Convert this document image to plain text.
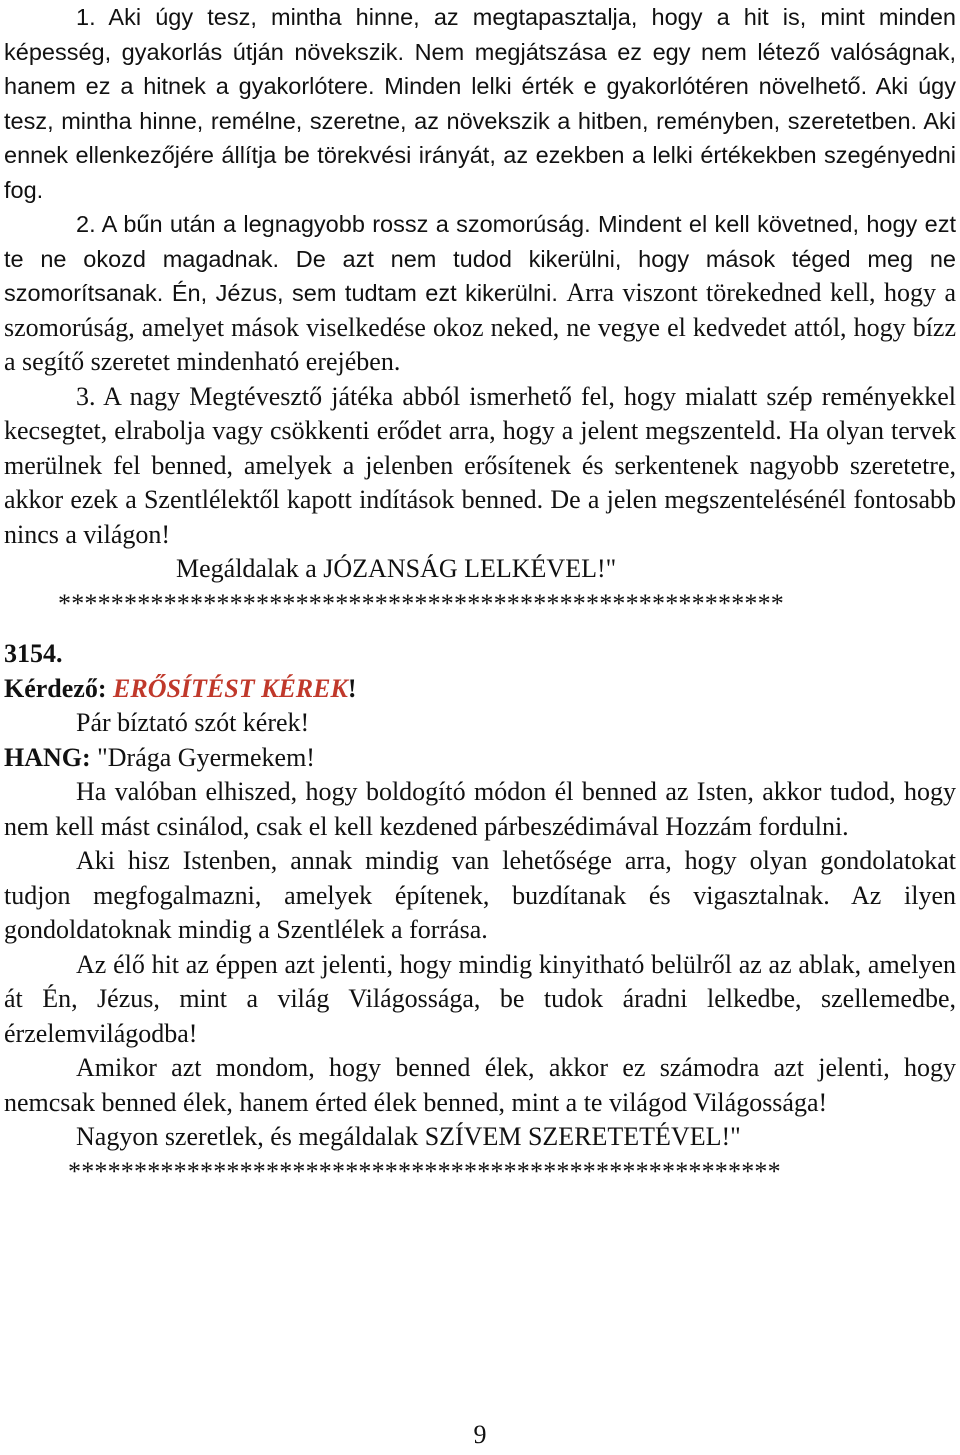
1. Aki úgy tesz, mintha hinne, az megtapasztalja, hogy a hit is, mint minden képesség, gyakorlás útján növekszik. Nem megjátszása ez egy nem létező valóságnak, hanem ez a hitnek a gyakorlótere. Minden lelki érték e gyakorlótéren növelhető. Aki úgy tesz, mintha hinne, remélne, szeretne, az növekszik a hitben, reményben, szeretetben. Aki ennek ellenkezőjére állítja be törekvési irányát, az ezekben a lelki értékekben szegényedni fog.

2. A bűn után a legnagyobb rossz a szomorúság. Mindent el kell követned, hogy ezt te ne okozd magadnak. De azt nem tudod kikerülni, hogy mások téged meg ne szomorítsanak. Én, Jézus, sem tudtam ezt kikerülni. Arra viszont törekedned kell, hogy a szomorúság, amelyet mások viselkedése okoz neked, ne vegye el kedvedet attól, hogy bízz a segítő szeretet mindenható erejében.

3. A nagy Megtévesztő játéka abból ismerhető fel, hogy mialatt szép reményekkel kecsegtet, elrabolja vagy csökkenti erődet arra, hogy a jelent megszenteld. Ha olyan tervek merülnek fel benned, amelyek a jelenben erősítenek és serkentenek nagyobb szeretetre, akkor ezek a Szentlélektől kapott indítások benned. De a jelen megszentelésénél fontosabb nincs a világon!

Megáldalak a JÓZANSÁG LELKÉVEL!"

*******************************************************

3154.

Kérdező: ERŐSÍTÉST KÉREK!

Pár bíztató szót kérek!

HANG: "Drága Gyermekem!

Ha valóban elhiszed, hogy boldogító módon él benned az Isten, akkor tudod, hogy nem kell mást csinálod, csak el kell kezdened párbeszédimával Hozzám fordulni.

Aki hisz Istenben, annak mindig van lehetősége arra, hogy olyan gondolatokat tudjon megfogalmazni, amelyek építenek, buzdítanak és vigasztalnak. Az ilyen gondoldatoknak mindig a Szentlélek a forrása.

Az élő hit az éppen azt jelenti, hogy mindig kinyitható belülről az az ablak, amelyen át Én, Jézus, mint a világ Világossága, be tudok áradni lelkedbe, szellemedbe, érzelemvilágodba!

Amikor azt mondom, hogy benned élek, akkor ez számodra azt jelenti, hogy nemcsak benned élek, hanem érted élek benned, mint a te világod Világossága!

Nagyon szeretlek, és megáldalak SZÍVEM SZERETETÉVEL!"

******************************************************
9
